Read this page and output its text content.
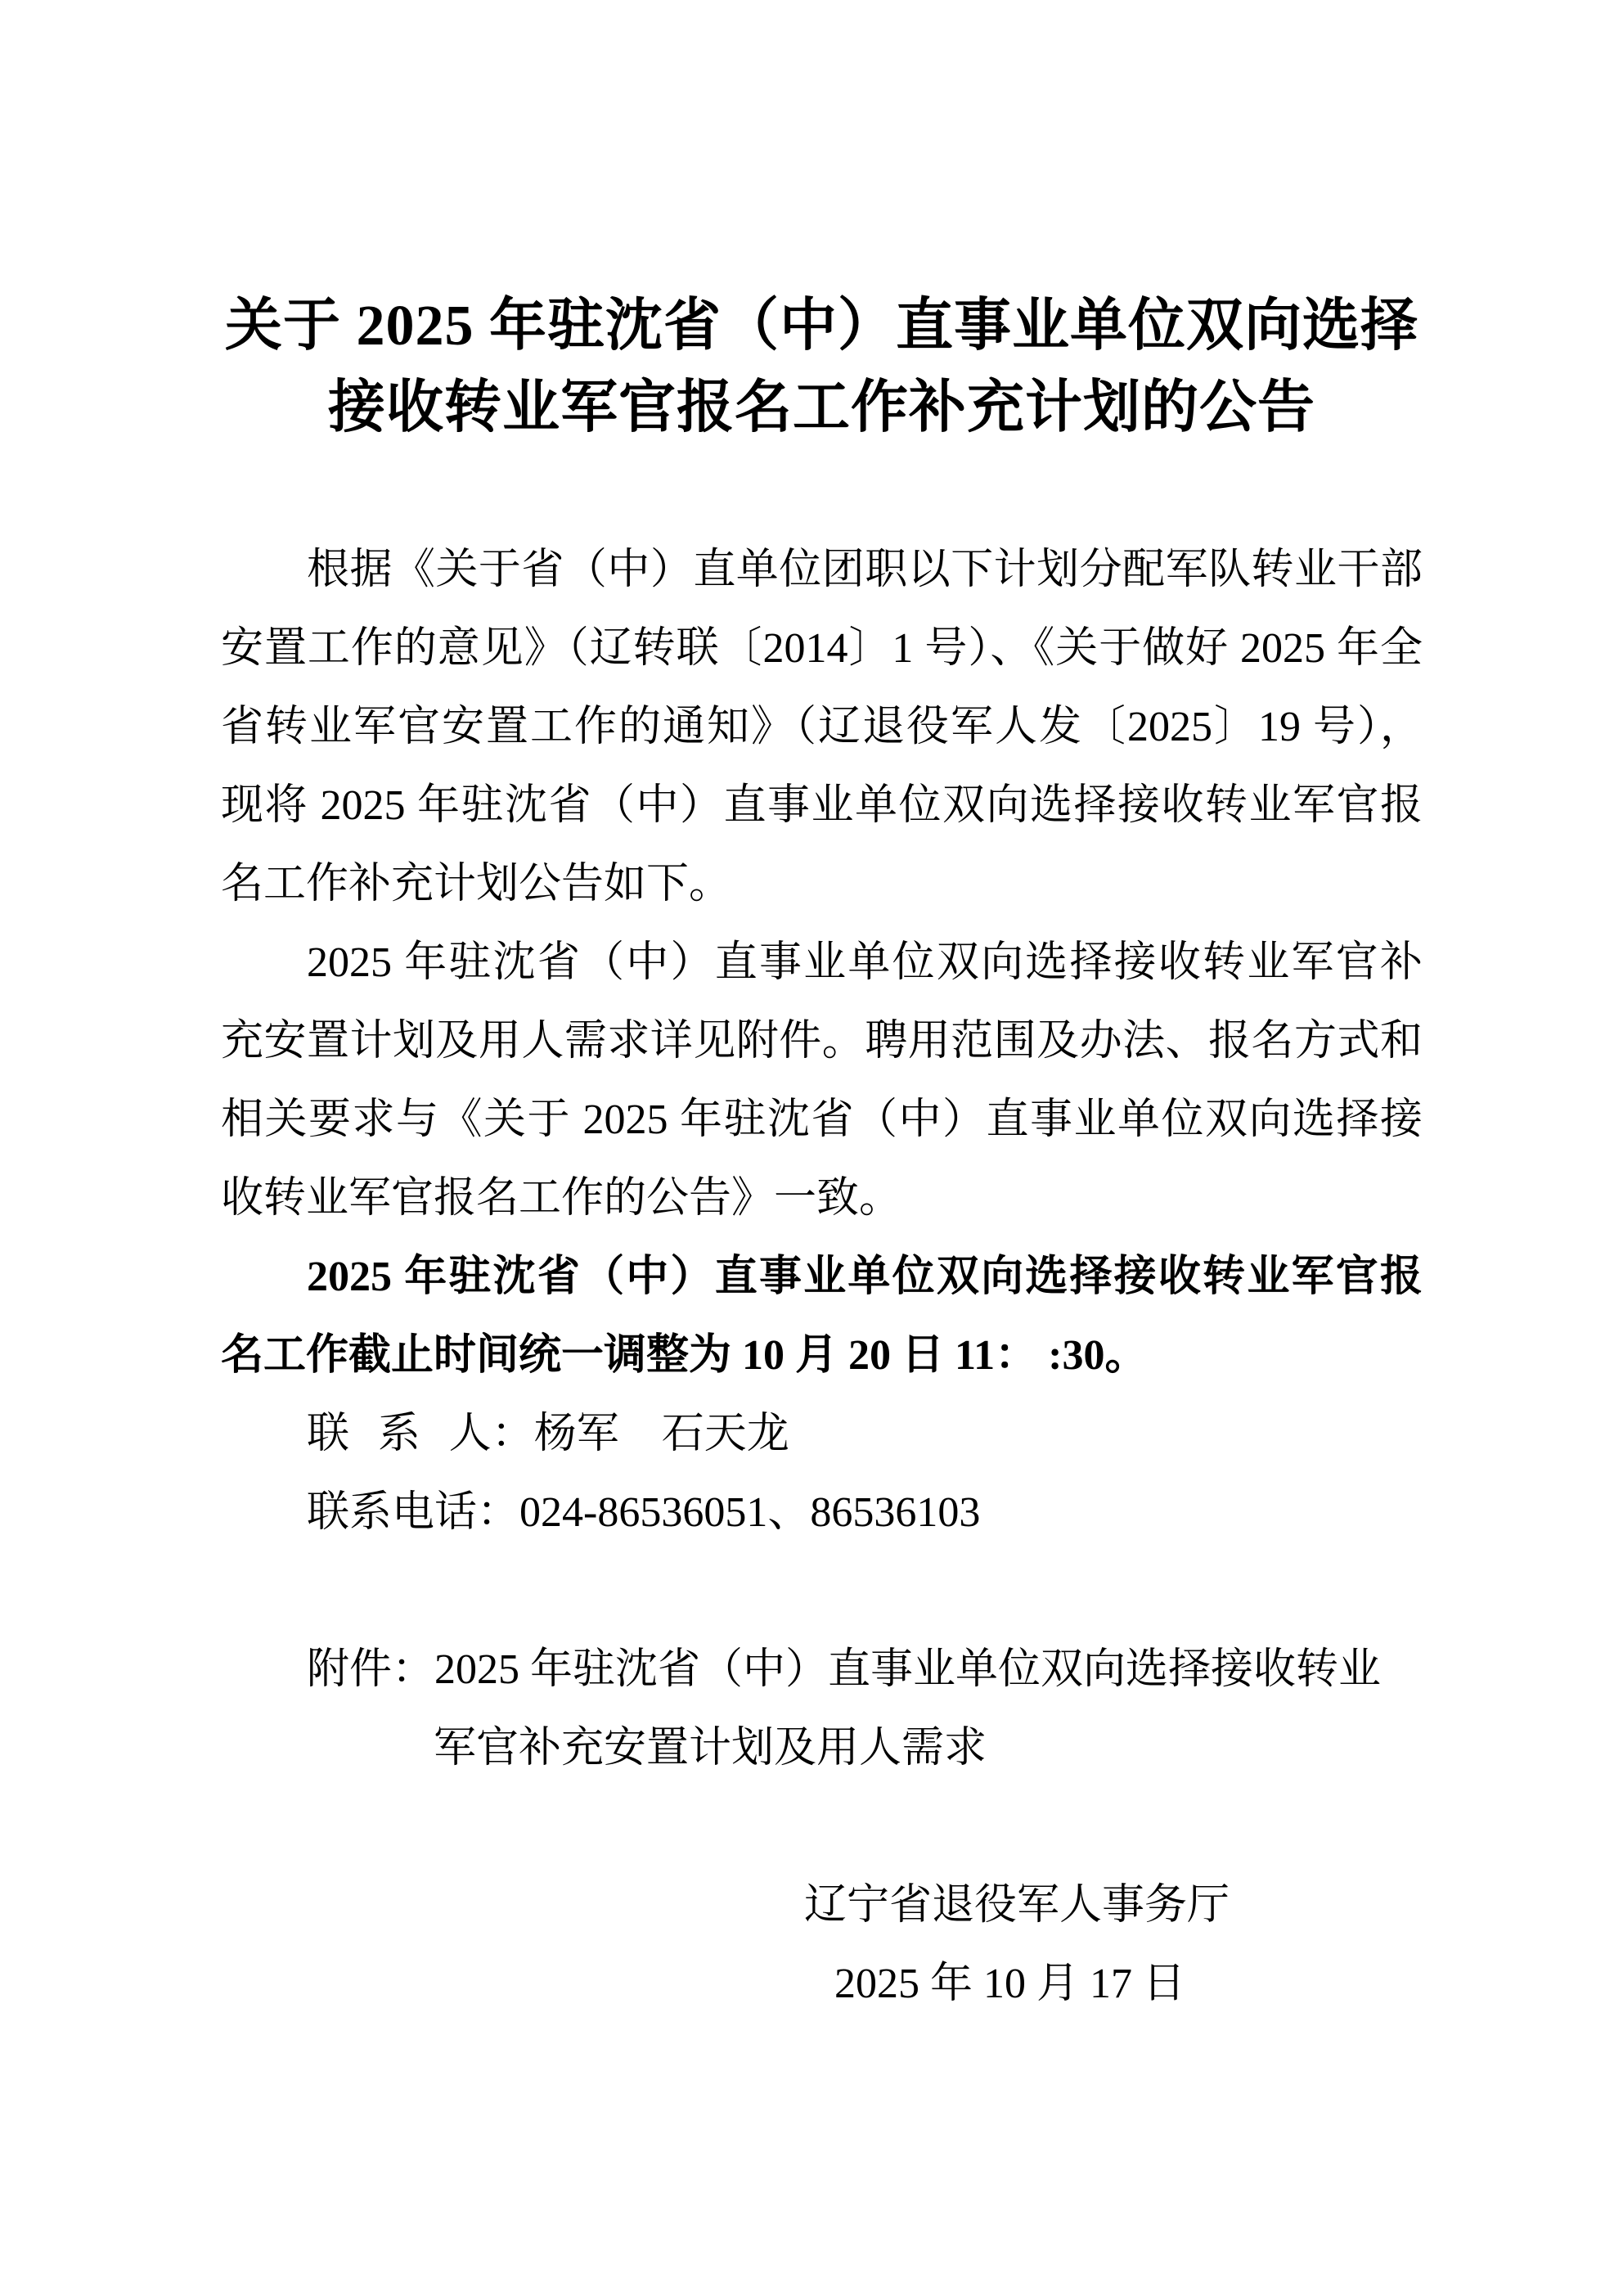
关于 2025 年驻沈省（中）直事业单位双向选择
接收转业军官报名工作补充计划的公告
根据《关于省（中）直单位团职以下计划分配军队转业干部
安置工作的意见》（辽转联〔2014〕1 号）、《关于做好 2025 年全
省转业军官安置工作的通知》（辽退役军人发〔2025〕19 号），
现将 2025 年驻沈省（中）直事业单位双向选择接收转业军官报
名工作补充计划公告如下。
2025 年驻沈省（中）直事业单位双向选择接收转业军官补
充安置计划及用人需求详见附件。聘用范围及办法、报名方式和
相关要求与《关于 2025 年驻沈省（中）直事业单位双向选择接
收转业军官报名工作的公告》一致。
2025 年驻沈省（中）直事业单位双向选择接收转业军官报
名工作截止时间统一调整为 10 月 20 日 11： :30。
联系人：杨军　石天龙
联系电话：024-86536051、86536103
附件：2025 年驻沈省（中）直事业单位双向选择接收转业
军官补充安置计划及用人需求
辽宁省退役军人事务厅
2025 年 10 月 17 日
